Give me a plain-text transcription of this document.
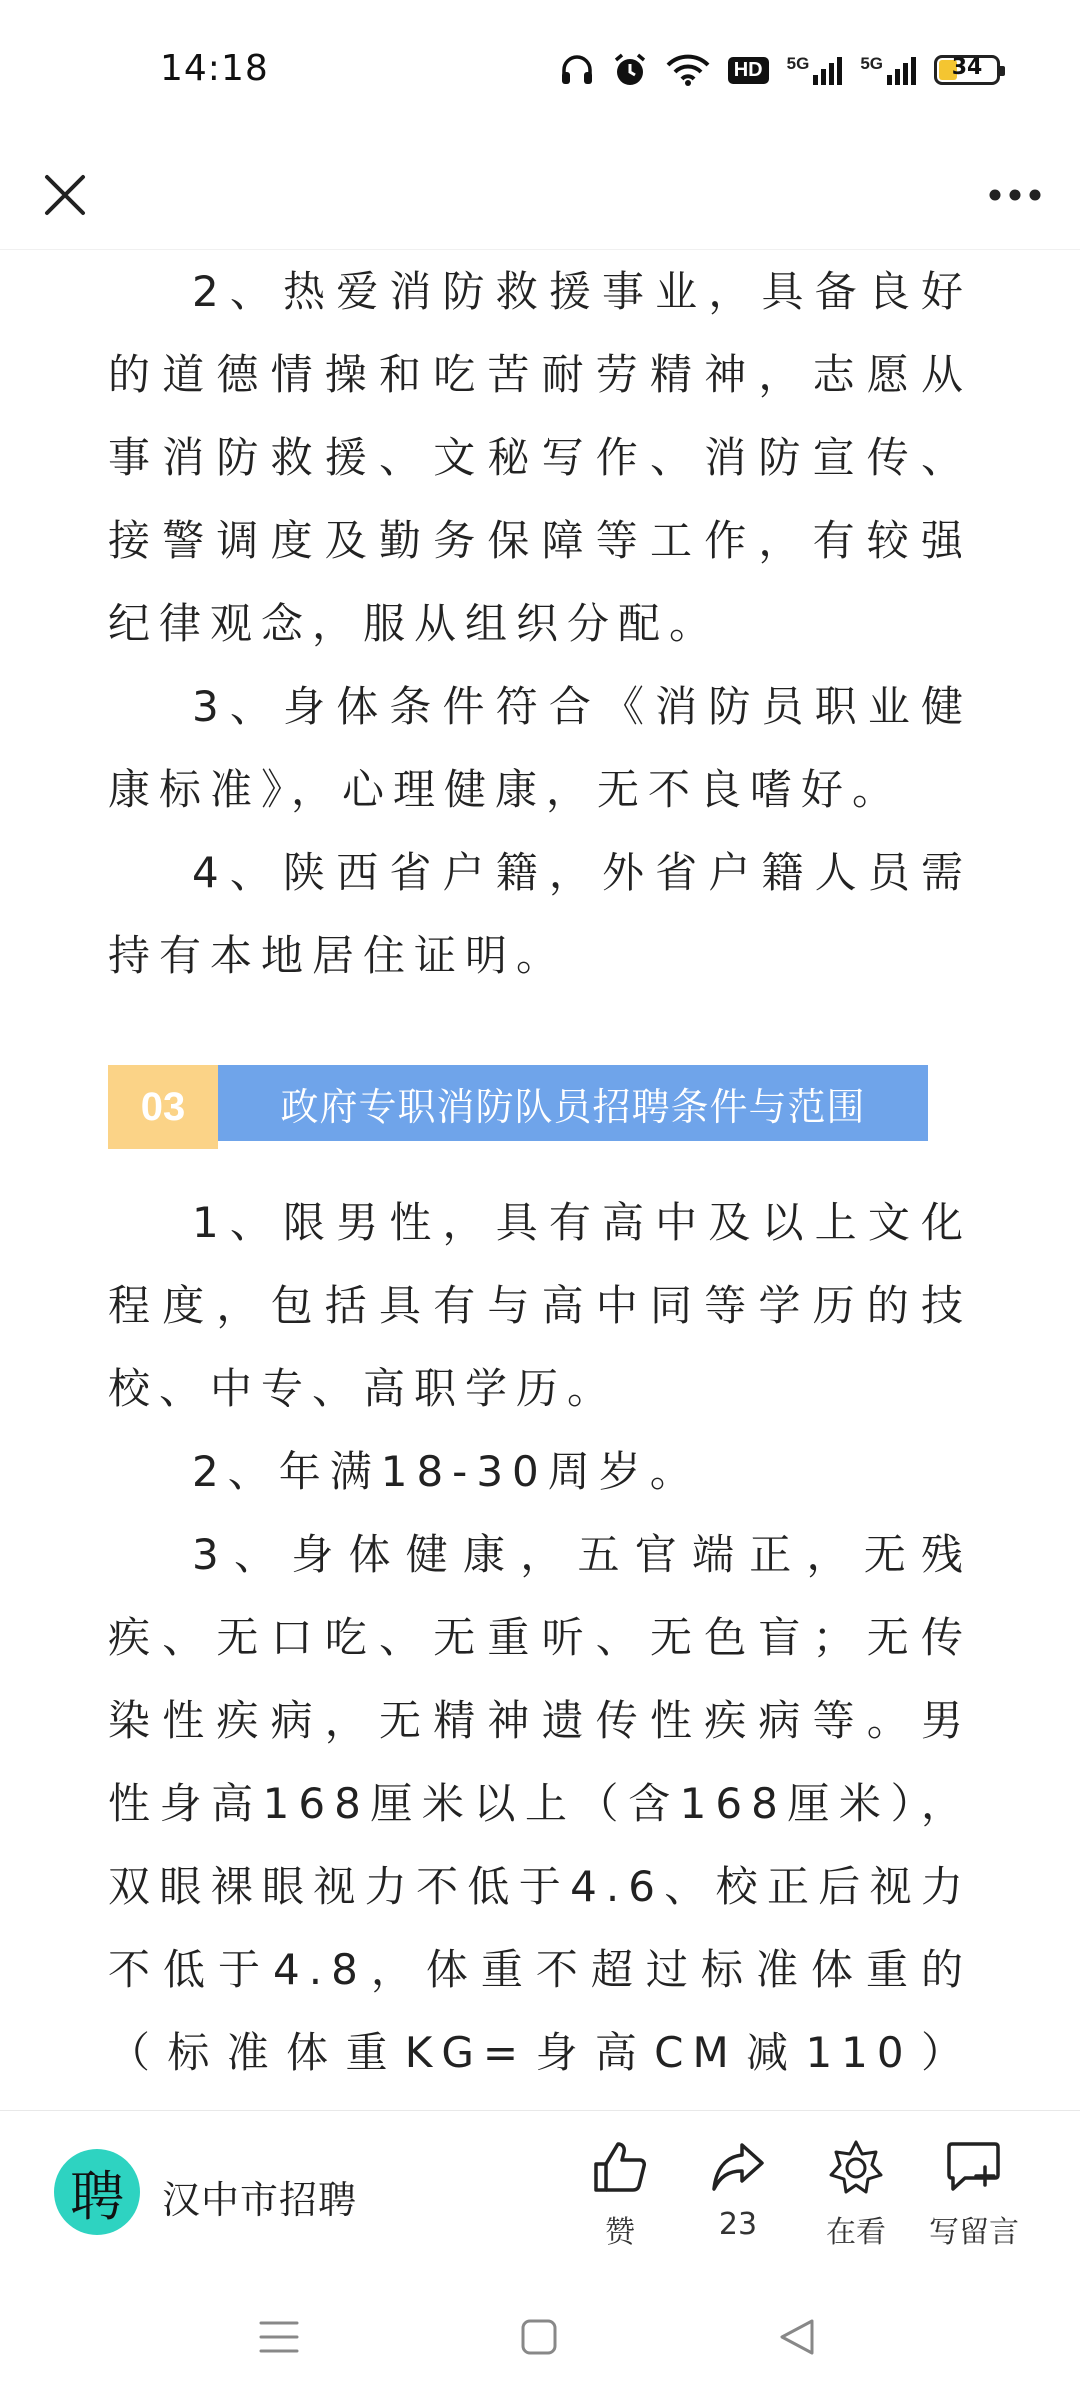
14:18	HD	5G	5G	34

2、热爱消防救援事业，具备良好的道德情操和吃苦耐劳精神，志愿从事消防救援、文秘写作、消防宣传、接警调度及勤务保障等工作，有较强纪律观念，服从组织分配。

3、身体条件符合《消防员职业健康标准》，心理健康，无不良嗜好。

4、陕西省户籍，外省户籍人员需持有本地居住证明。

03	政府专职消防队员招聘条件与范围

1、限男性，具有高中及以上文化程度，包括具有与高中同等学历的技校、中专、高职学历。

2、年满18-30周岁。

3、身体健康，五官端正，无残疾、无口吃、无重听、无色盲；无传染性疾病，无精神遗传性疾病等。男性身高168厘米以上（含168厘米），双眼裸眼视力不低于4.6、校正后视力不低于4.8，体重不超过标准体重的（标准体重KG=身高CM减110）

聘	汉中市招聘
赞	23 在看 写留言
